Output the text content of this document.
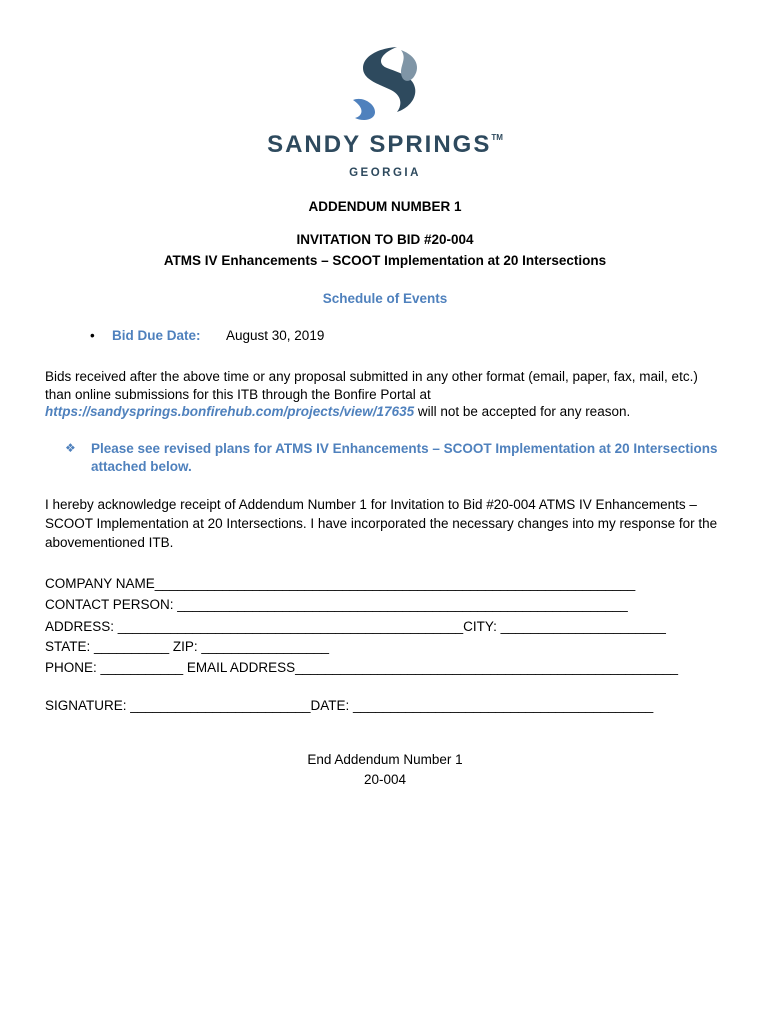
SANDY SPRINGS™
GEORGIA
ADDENDUM NUMBER 1
INVITATION TO BID #20-004
ATMS IV Enhancements – SCOOT Implementation at 20 Intersections
Schedule of Events
• Bid Due Date:	August 30, 2019
Bids received after the above time or any proposal submitted in any other format (email, paper, fax, mail, etc.) than online submissions for this ITB through the Bonfire Portal at https://sandysprings.bonfirehub.com/projects/view/17635 will not be accepted for any reason.
❖ Please see revised plans for ATMS IV Enhancements – SCOOT Implementation at 20 Intersections attached below.
I hereby acknowledge receipt of Addendum Number 1 for Invitation to Bid #20-004 ATMS IV Enhancements – SCOOT Implementation at 20 Intersections. I have incorporated the necessary changes into my response for the abovementioned ITB.
COMPANY NAME________________________________________________________________
CONTACT PERSON: ____________________________________________________________
ADDRESS: ______________________________________________CITY: ______________________
STATE: __________ ZIP: _________________
PHONE: ___________ EMAIL ADDRESS___________________________________________________
SIGNATURE: ________________________DATE: ________________________________________
End Addendum Number 1
20-004
